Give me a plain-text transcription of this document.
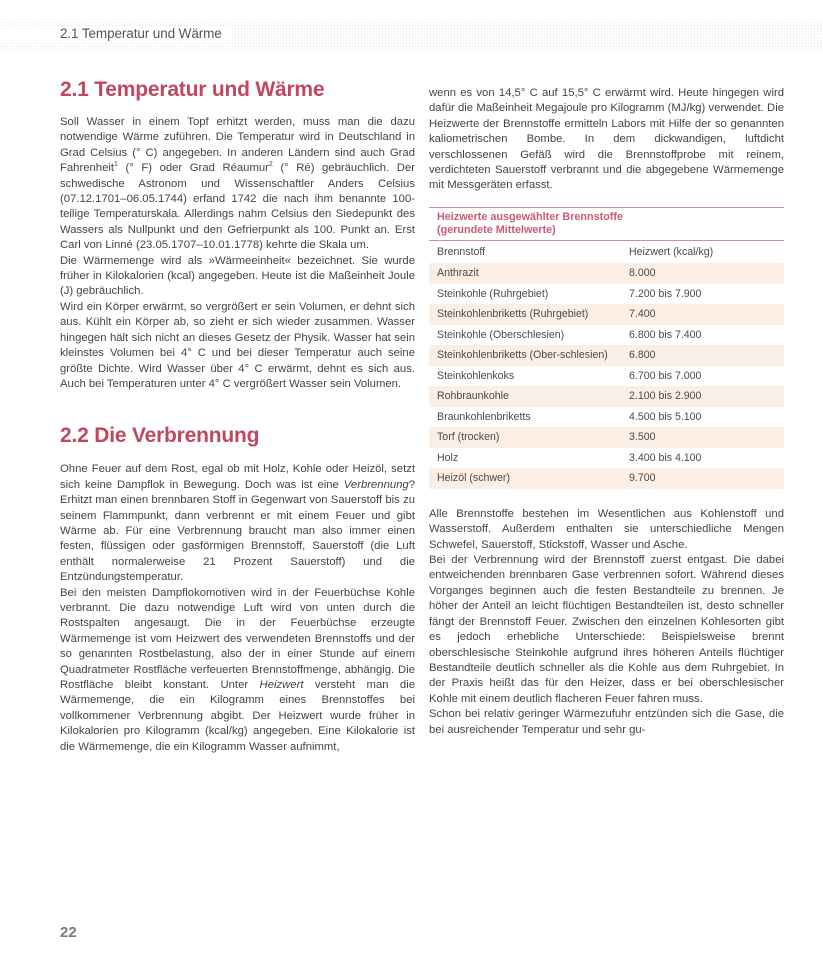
2.1 Temperatur und Wärme
2.1 Temperatur und Wärme

Soll Wasser in einem Topf erhitzt werden, muss man die dazu notwendige Wärme zuführen. Die Temperatur wird in Deutschland in Grad Celsius (° C) angegeben. In anderen Ländern sind auch Grad Fahrenheit$^1$ (° F) oder Grad Réaumur$^2$ (° Ré) gebräuchlich. Der schwedische Astronom und Wissenschaftler Anders Celsius (07.12.1701–06.05.1744) erfand 1742 die nach ihm benannte 100-teilige Temperaturskala. Allerdings nahm Celsius den Siedepunkt des Wassers als Nullpunkt und den Gefrierpunkt als 100. Punkt an. Erst Carl von Linné (23.05.1707–10.01.1778) kehrte die Skala um.

Die Wärmemenge wird als »Wärmeeinheit« bezeichnet. Sie wurde früher in Kilokalorien (kcal) angegeben. Heute ist die Maßeinheit Joule (J) gebräuchlich.

Wird ein Körper erwärmt, so vergrößert er sein Volumen, er dehnt sich aus. Kühlt ein Körper ab, so zieht er sich wieder zusammen. Wasser hingegen hält sich nicht an dieses Gesetz der Physik. Wasser hat sein kleinstes Volumen bei 4° C und bei dieser Temperatur auch seine größte Dichte. Wird Wasser über 4° C erwärmt, dehnt es sich aus. Auch bei Temperaturen unter 4° C vergrößert Wasser sein Volumen.

2.2 Die Verbrennung

Ohne Feuer auf dem Rost, egal ob mit Holz, Kohle oder Heizöl, setzt sich keine Dampflok in Bewegung. Doch was ist eine Verbrennung? Erhitzt man einen brennbaren Stoff in Gegenwart von Sauerstoff bis zu seinem Flammpunkt, dann verbrennt er mit einem Feuer und gibt Wärme ab. Für eine Verbrennung braucht man also immer einen festen, flüssigen oder gasförmigen Brennstoff, Sauerstoff (die Luft enthält normalerweise 21 Prozent Sauerstoff) und die Entzündungstemperatur.

Bei den meisten Dampflokomotiven wird in der Feuerbüchse Kohle verbrannt. Die dazu notwendige Luft wird von unten durch die Rostspalten angesaugt. Die in der Feuerbüchse erzeugte Wärmemenge ist vom Heizwert des verwendeten Brennstoffs und der so genannten Rostbelastung, also der in einer Stunde auf einem Quadratmeter Rostfläche verfeuerten Brennstoffmenge, abhängig. Die Rostfläche bleibt konstant. Unter Heizwert versteht man die Wärmemenge, die ein Kilogramm eines Brennstoffes bei vollkommener Verbrennung abgibt. Der Heizwert wurde früher in Kilokalorien pro Kilogramm (kcal/kg) angegeben. Eine Kilokalorie ist die Wärmemenge, die ein Kilogramm Wasser aufnimmt,

wenn es von 14,5° C auf 15,5° C erwärmt wird. Heute hingegen wird dafür die Maßeinheit Megajoule pro Kilogramm (MJ/kg) verwendet. Die Heizwerte der Brennstoffe ermitteln Labors mit Hilfe der so genannten kaliometrischen Bombe. In dem dickwandigen, luftdicht verschlossenen Gefäß wird die Brennstoffprobe mit reinem, verdichteten Sauerstoff verbrannt und die abgegebene Wärmemenge mit Messgeräten erfasst.

Heizwerte ausgewählter Brennstoffe
(gerundete Mittelwerte)
Brennstoff	Heizwert (kcal/kg)
Anthrazit	8.000
Steinkohle (Ruhrgebiet)	7.200 bis 7.900
Steinkohlenbriketts (Ruhrgebiet)	7.400
Steinkohle (Oberschlesien)	6.800 bis 7.400
Steinkohlenbriketts (Ober-schlesien)	6.800
Steinkohlenkoks	6.700 bis 7.000
Rohbraunkohle	2.100 bis 2.900
Braunkohlenbriketts	4.500 bis 5.100
Torf (trocken)	3.500
Holz	3.400 bis 4.100
Heizöl (schwer)	9.700

Alle Brennstoffe bestehen im Wesentlichen aus Kohlenstoff und Wasserstoff. Außerdem enthalten sie unterschiedliche Mengen Schwefel, Sauerstoff, Stickstoff, Wasser und Asche.

Bei der Verbrennung wird der Brennstoff zuerst entgast. Die dabei entweichenden brennbaren Gase verbrennen sofort. Während dieses Vorganges beginnen auch die festen Bestandteile zu brennen. Je höher der Anteil an leicht flüchtigen Bestandteilen ist, desto schneller fängt der Brennstoff Feuer. Zwischen den einzelnen Kohlesorten gibt es jedoch erhebliche Unterschiede: Beispielsweise brennt oberschlesische Steinkohle aufgrund ihres höheren Anteils flüchtiger Bestandteile deutlich schneller als die Kohle aus dem Ruhrgebiet. In der Praxis heißt das für den Heizer, dass er bei oberschlesischer Kohle mit einem deutlich flacheren Feuer fahren muss.

Schon bei relativ geringer Wärmezufuhr entzünden sich die Gase, die bei ausreichender Temperatur und sehr gu-

22
